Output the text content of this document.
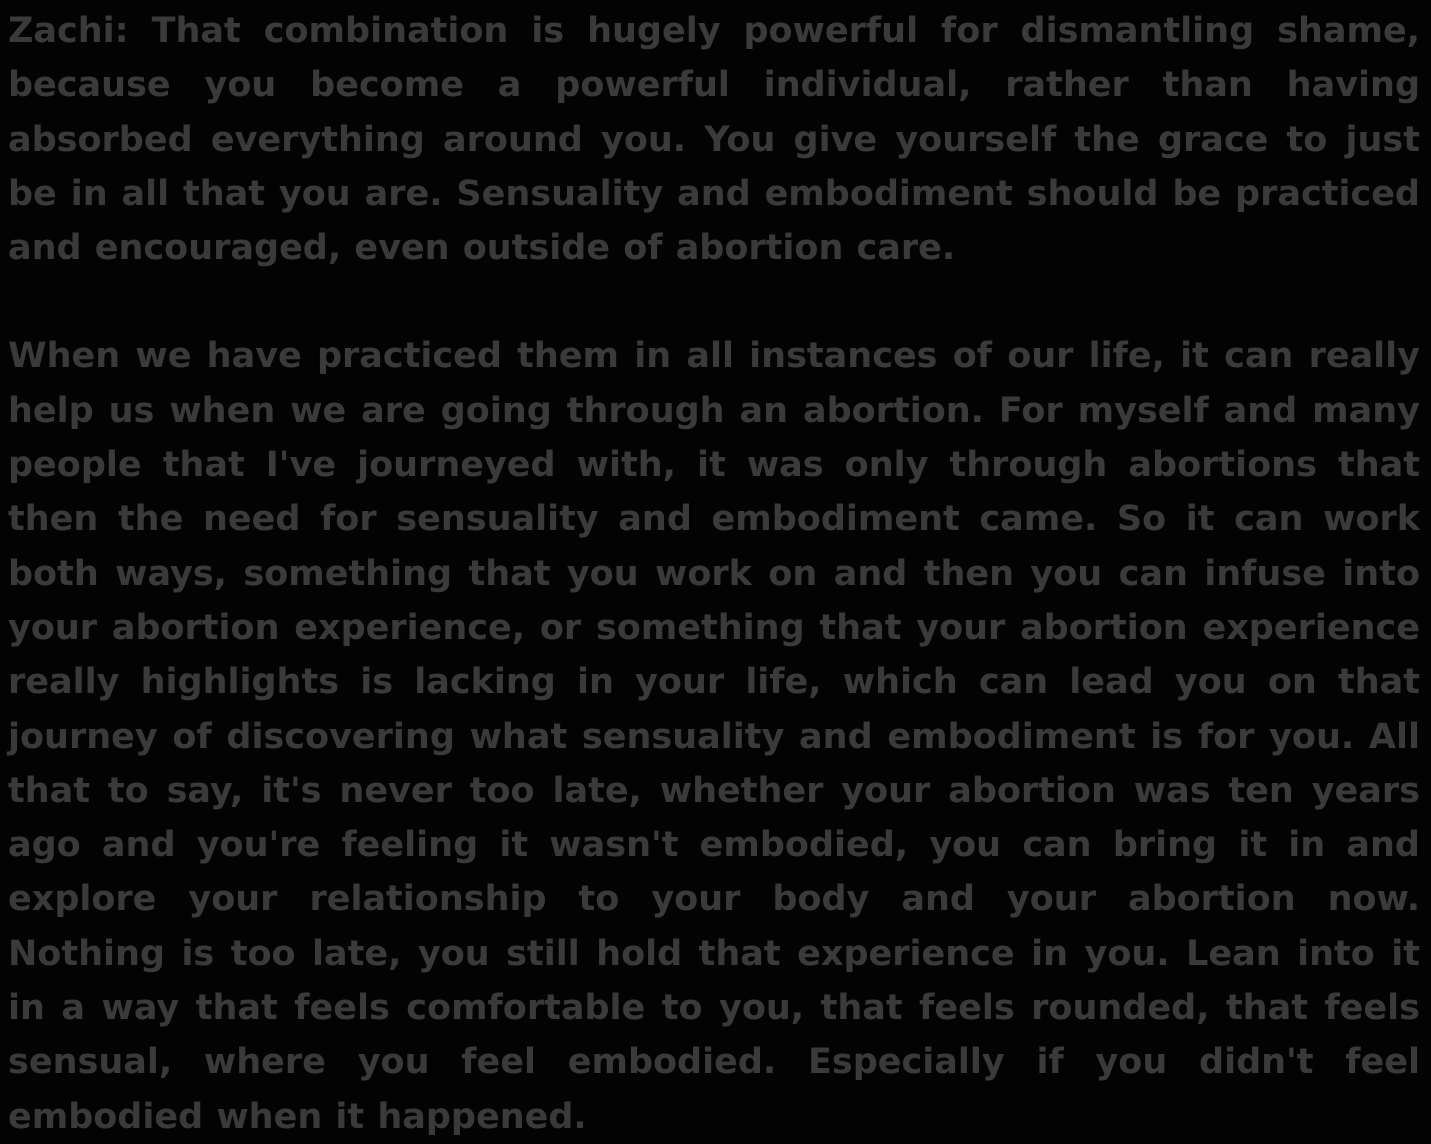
Zachi: That combination is hugely powerful for dismantling shame, because you become a powerful individual, rather than having absorbed everything around you. You give yourself the grace to just be in all that you are. Sensuality and embodiment should be practiced and encouraged, even outside of abortion care.

When we have practiced them in all instances of our life, it can really help us when we are going through an abortion. For myself and many people that I've journeyed with, it was only through abortions that then the need for sensuality and embodiment came. So it can work both ways, something that you work on and then you can infuse into your abortion experience, or something that your abortion experience really highlights is lacking in your life, which can lead you on that journey of discovering what sensuality and embodiment is for you. All that to say, it's never too late, whether your abortion was ten years ago and you're feeling it wasn't embodied, you can bring it in and explore your relationship to your body and your abortion now. Nothing is too late, you still hold that experience in you. Lean into it in a way that feels comfortable to you, that feels rounded, that feels sensual, where you feel embodied. Especially if you didn't feel embodied when it happened.
